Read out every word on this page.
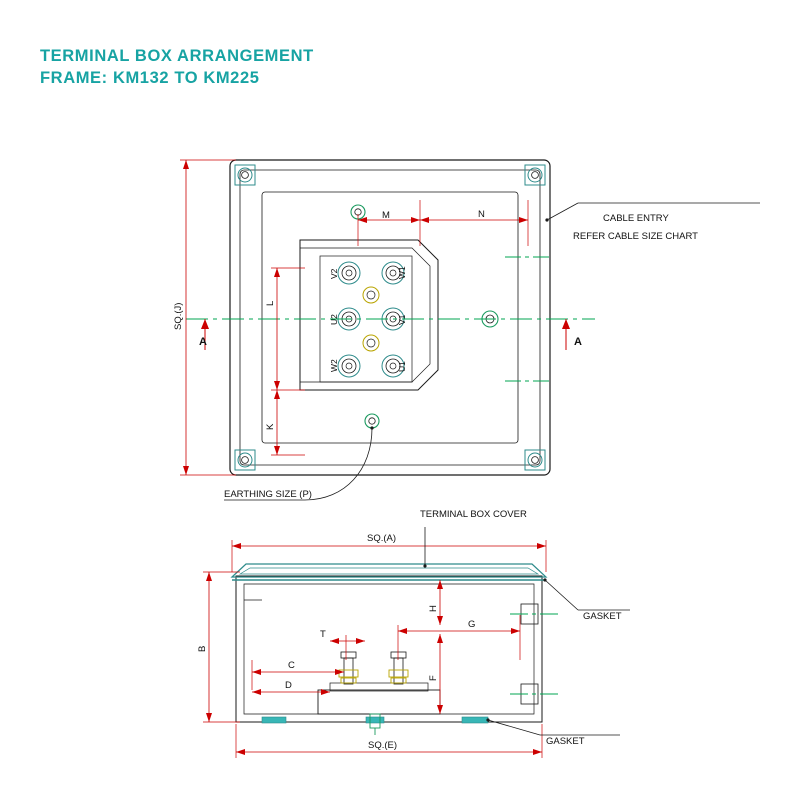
TERMINAL BOX ARRANGEMENT
FRAME: KM132 TO KM225
V2	W1
U2	V1
W2	U1
SQ.(J)	L
K
M	N
A	A
CABLE ENTRY
REFER CABLE SIZE CHART
EARTHING SIZE (P)
SQ.(A)
SQ.(E)
B
C
D
T
G
F
H
TERMINAL BOX COVER
GASKET
GASKET
